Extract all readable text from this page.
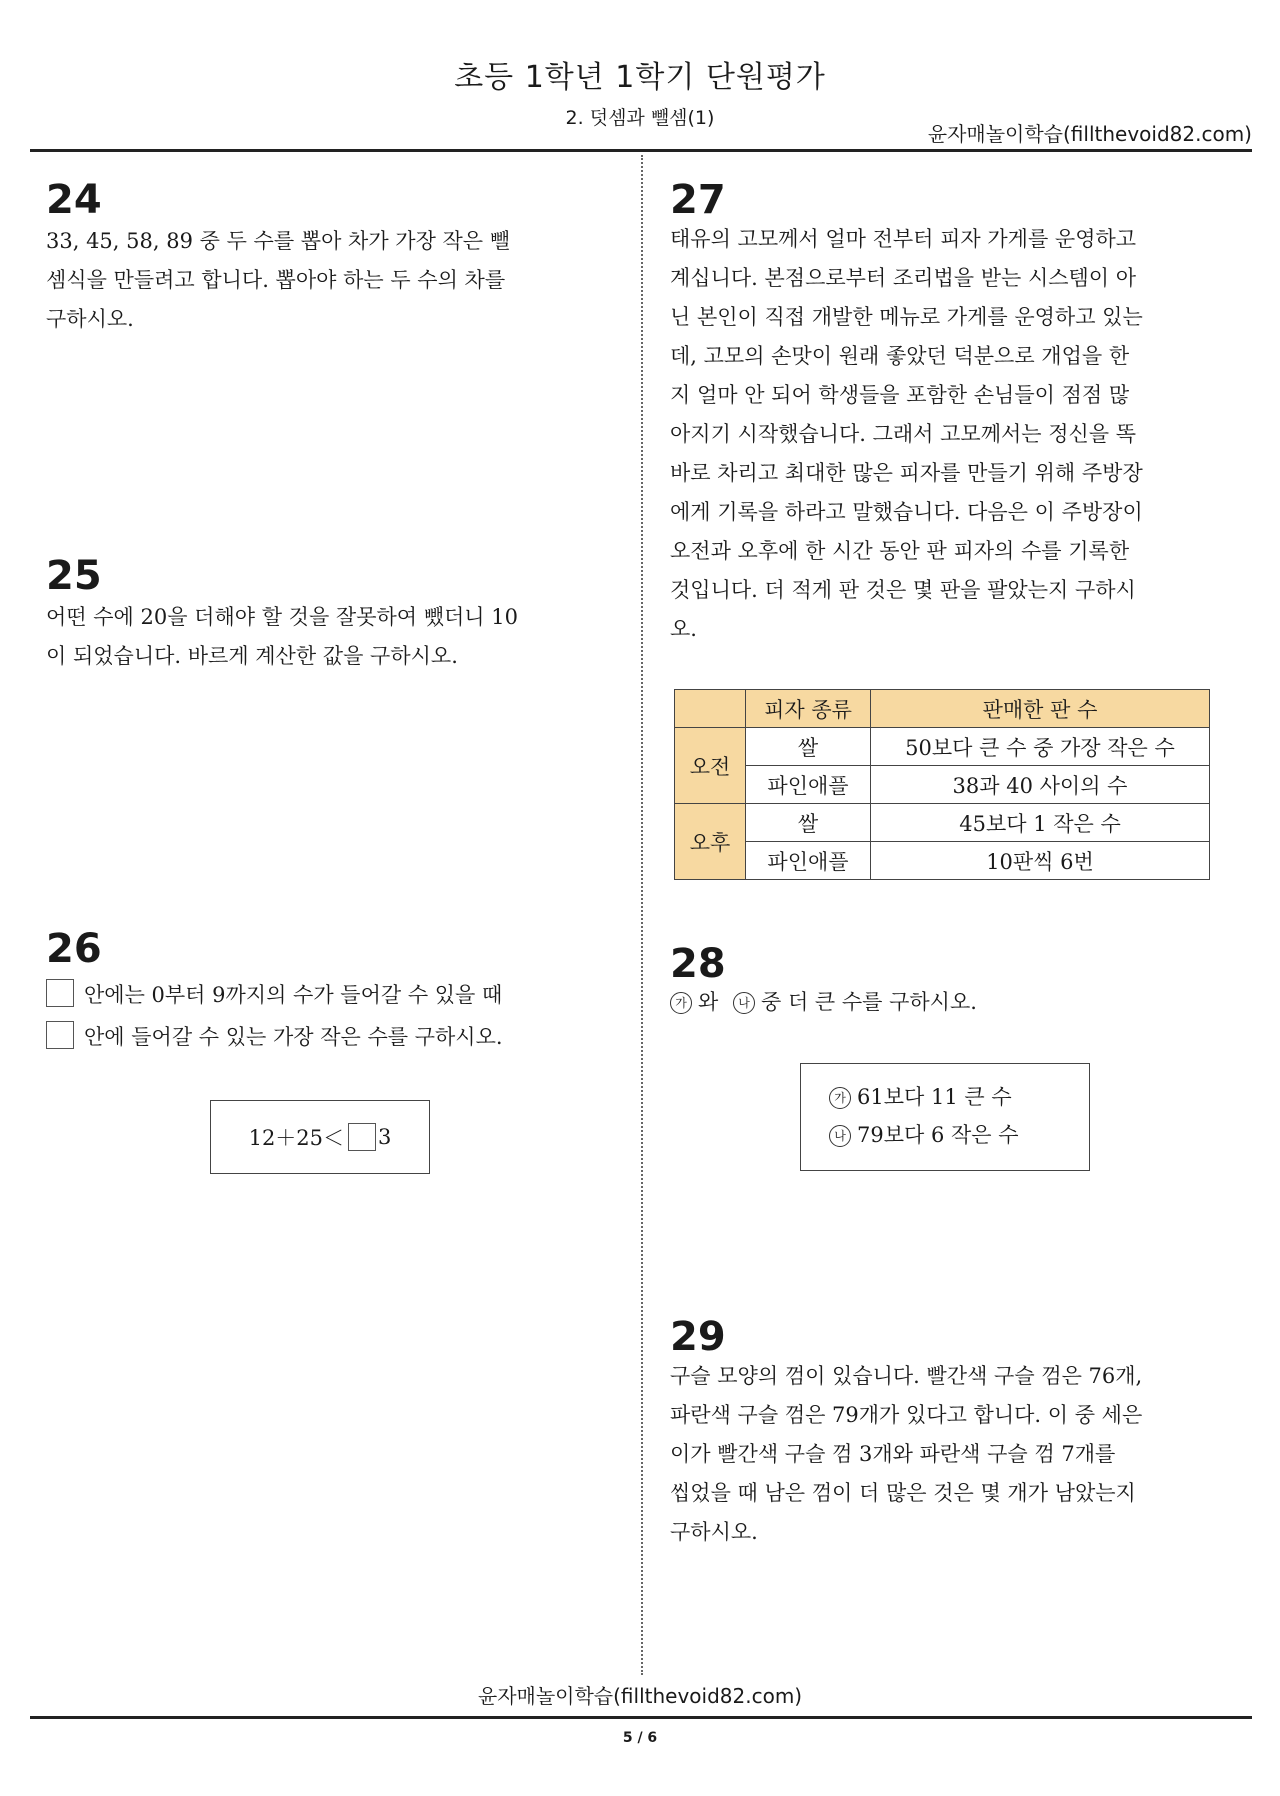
초등 1학년 1학기 단원평가
2. 덧셈과 뺄셈(1)
윤자매놀이학습(fillthevoid82.com)
24
33, 45, 58, 89 중 두 수를 뽑아 차가 가장 작은 뺄
셈식을 만들려고 합니다. 뽑아야 하는 두 수의 차를
구하시오.
25
어떤 수에 20을 더해야 할 것을 잘못하여 뺐더니 10
이 되었습니다. 바르게 계산한 값을 구하시오.
26
안에는 0부터 9까지의 수가 들어갈 수 있을 때
안에 들어갈 수 있는 가장 작은 수를 구하시오.
12＋25＜ 3
27
태유의 고모께서 얼마 전부터 피자 가게를 운영하고
계십니다. 본점으로부터 조리법을 받는 시스템이 아
닌 본인이 직접 개발한 메뉴로 가게를 운영하고 있는
데, 고모의 손맛이 원래 좋았던 덕분으로 개업을 한
지 얼마 안 되어 학생들을 포함한 손님들이 점점 많
아지기 시작했습니다. 그래서 고모께서는 정신을 똑
바로 차리고 최대한 많은 피자를 만들기 위해 주방장
에게 기록을 하라고 말했습니다. 다음은 이 주방장이
오전과 오후에 한 시간 동안 판 피자의 수를 기록한
것입니다. 더 적게 판 것은 몇 판을 팔았는지 구하시
오.
	피자 종류	판매한 판 수
오전	쌀	50보다 큰 수 중 가장 작은 수
	파인애플	38과 40 사이의 수
오후	쌀	45보다 1 작은 수
	파인애플	10판씩 6번
28
가 와 나 중 더 큰 수를 구하시오.
가 61보다 11 큰 수
나 79보다 6 작은 수
29
구슬 모양의 껌이 있습니다. 빨간색 구슬 껌은 76개,
파란색 구슬 껌은 79개가 있다고 합니다. 이 중 세은
이가 빨간색 구슬 껌 3개와 파란색 구슬 껌 7개를
씹었을 때 남은 껌이 더 많은 것은 몇 개가 남았는지
구하시오.
윤자매놀이학습(fillthevoid82.com)
5 / 6
